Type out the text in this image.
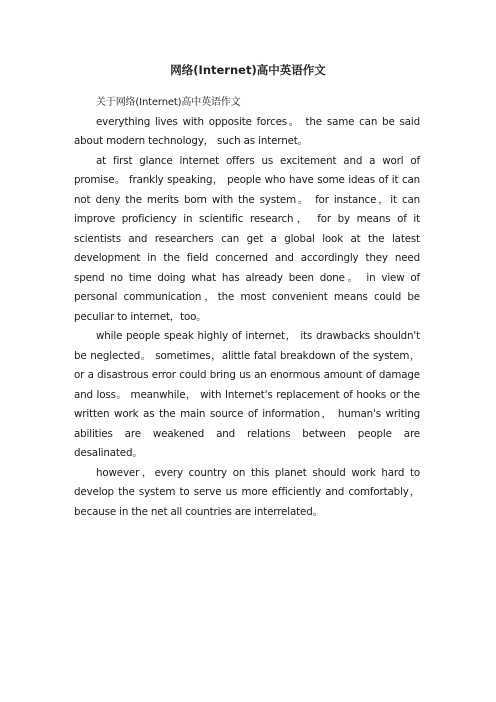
网络(Internet)高中英语作文

关于网络(Internet)高中英语作文

everything lives with opposite forces。 the same can be said about modern technology， such as internet。

at first glance internet offers us excitement and a worl of promise。 frankly speaking， people who have some ideas of it can not deny the merits born with the system。 for instance，it can improve proficiency in scientific research， for by means of it scientists and researchers can get a global look at the latest development in the field concerned and accordingly they need spend no time doing what has already been done。 in view of personal communication，the most convenient means could be peculiar to internet，too。

while people speak highly of internet， its drawbacks shouldn't be neglected。 sometimes，alittle fatal breakdown of the system， or a disastrous error could bring us an enormous amount of damage and loss。 meanwhile， with Internet's replacement of hooks or the written work as the main source of information， human's writing abilities are weakened and relations between people are desalinated。

however，every country on this planet should work hard to develop the system to serve us more efficiently and comfortably，because in the net all countries are interrelated。
